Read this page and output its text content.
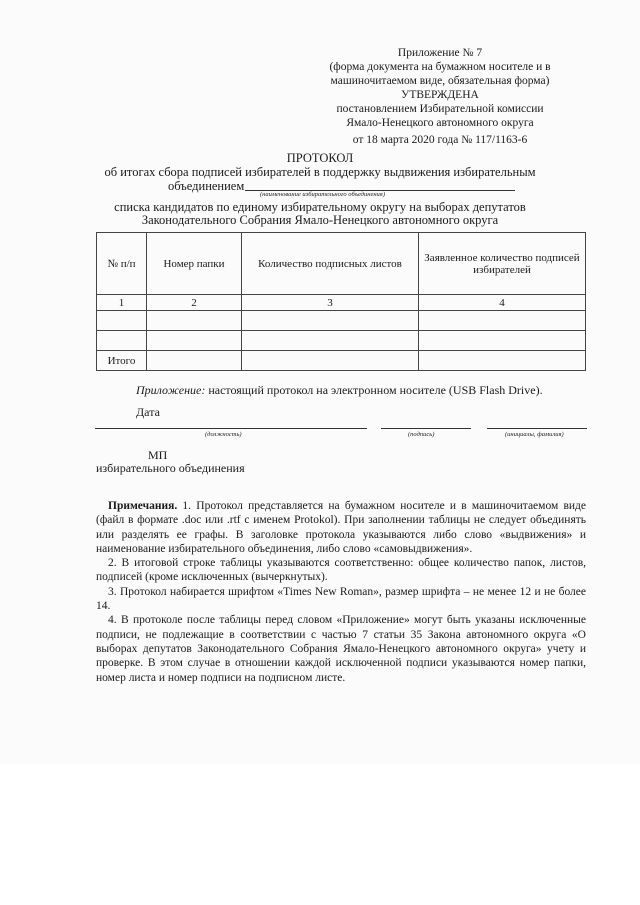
Приложение № 7
(форма документа на бумажном носителе и в
машиночитаемом виде, обязательная форма)
УТВЕРЖДЕНА
постановлением Избирательной комиссии
Ямало-Ненецкого автономного округа
от 18 марта 2020 года № 117/1163-6
ПРОТОКОЛ
об итогах сбора подписей избирателей в поддержку выдвижения избирательным
объединением
(наименование избирательного объединения)
списка кандидатов по единому избирательному округу на выборах депутатов
Законодательного Собрания Ямало-Ненецкого автономного округа
№ п/п	Номер папки	Количество подписных листов	Заявленное количество подписей избирателей
1	2	3	4

Итого			
Приложение: настоящий протокол на электронном носителе (USB Flash Drive).
Дата
(должность)	(подпись)	(инициалы, фамилия)
МП
избирательного объединения

Примечания. 1. Протокол представляется на бумажном носителе и в машиночитаемом виде (файл в формате .doc или .rtf с именем Protokol). При заполнении таблицы не следует объединять или разделять ее графы. В заголовке протокола указываются либо слово «выдвижения» и наименование избирательного объединения, либо слово «самовыдвижения».

2. В итоговой строке таблицы указываются соответственно: общее количество папок, листов, подписей (кроме исключенных (вычеркнутых).

3. Протокол набирается шрифтом «Times New Roman», размер шрифта – не менее 12 и не более 14.

4. В протоколе после таблицы перед словом «Приложение» могут быть указаны исключенные подписи, не подлежащие в соответствии с частью 7 статьи 35 Закона автономного округа «О выборах депутатов Законодательного Собрания Ямало-Ненецкого автономного округа» учету и проверке. В этом случае в отношении каждой исключенной подписи указываются номер папки, номер листа и номер подписи на подписном листе.
